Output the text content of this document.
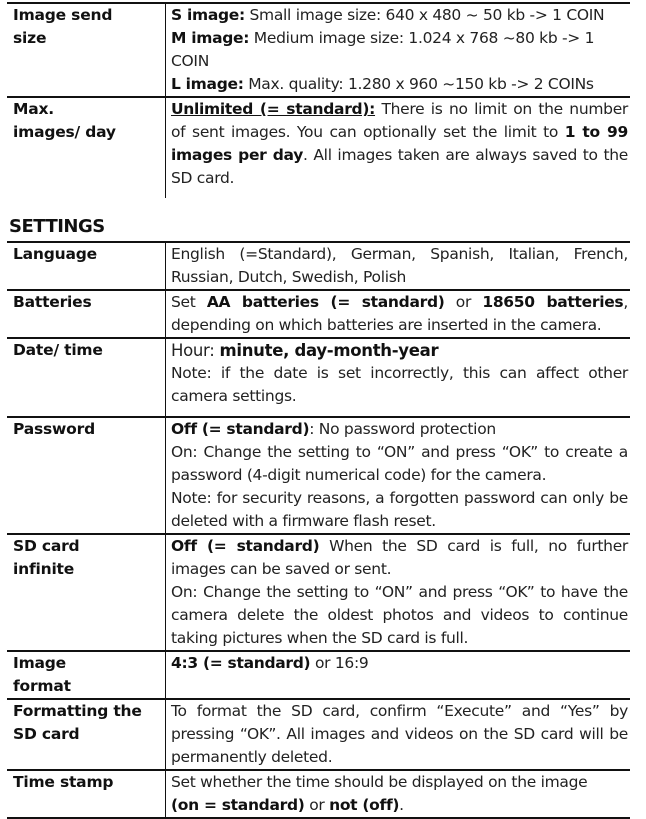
Image send size	S image: Small image size: 640 x 480 ~ 50 kb -> 1 COIN
M image: Medium image size: 1.024 x 768 ~80 kb -> 1 COIN
L image: Max. quality: 1.280 x 960 ~150 kb -> 2 COINs

Max. images/ day	Unlimited (= standard): There is no limit on the number of sent images. You can optionally set the limit to 1 to 99 images per day. All images taken are always saved to the SD card.
SETTINGS
Language	English (=Standard), German, Spanish, Italian, French, Russian, Dutch, Swedish, Polish
Batteries	Set AA batteries (= standard) or 18650 batteries, depending on which batteries are inserted in the camera.
Date/ time	Hour: minute, day-month-year
Note: if the date is set incorrectly, this can affect other camera settings.

Password	Off (= standard): No password protection
On: Change the setting to “ON” and press “OK” to create a password (4-digit numerical code) for the camera.
Note: for security reasons, a forgotten password can only be deleted with a firmware flash reset.

SD card infinite	Off (= standard) When the SD card is full, no further images can be saved or sent.
On: Change the setting to “ON” and press “OK” to have the camera delete the oldest photos and videos to continue taking pictures when the SD card is full.

Image format	4:3 (= standard) or 16:9
Formatting the SD card	To format the SD card, confirm “Execute” and “Yes” by pressing “OK”. All images and videos on the SD card will be permanently deleted.
Time stamp	Set whether the time should be displayed on the image
(on = standard) or not (off).
